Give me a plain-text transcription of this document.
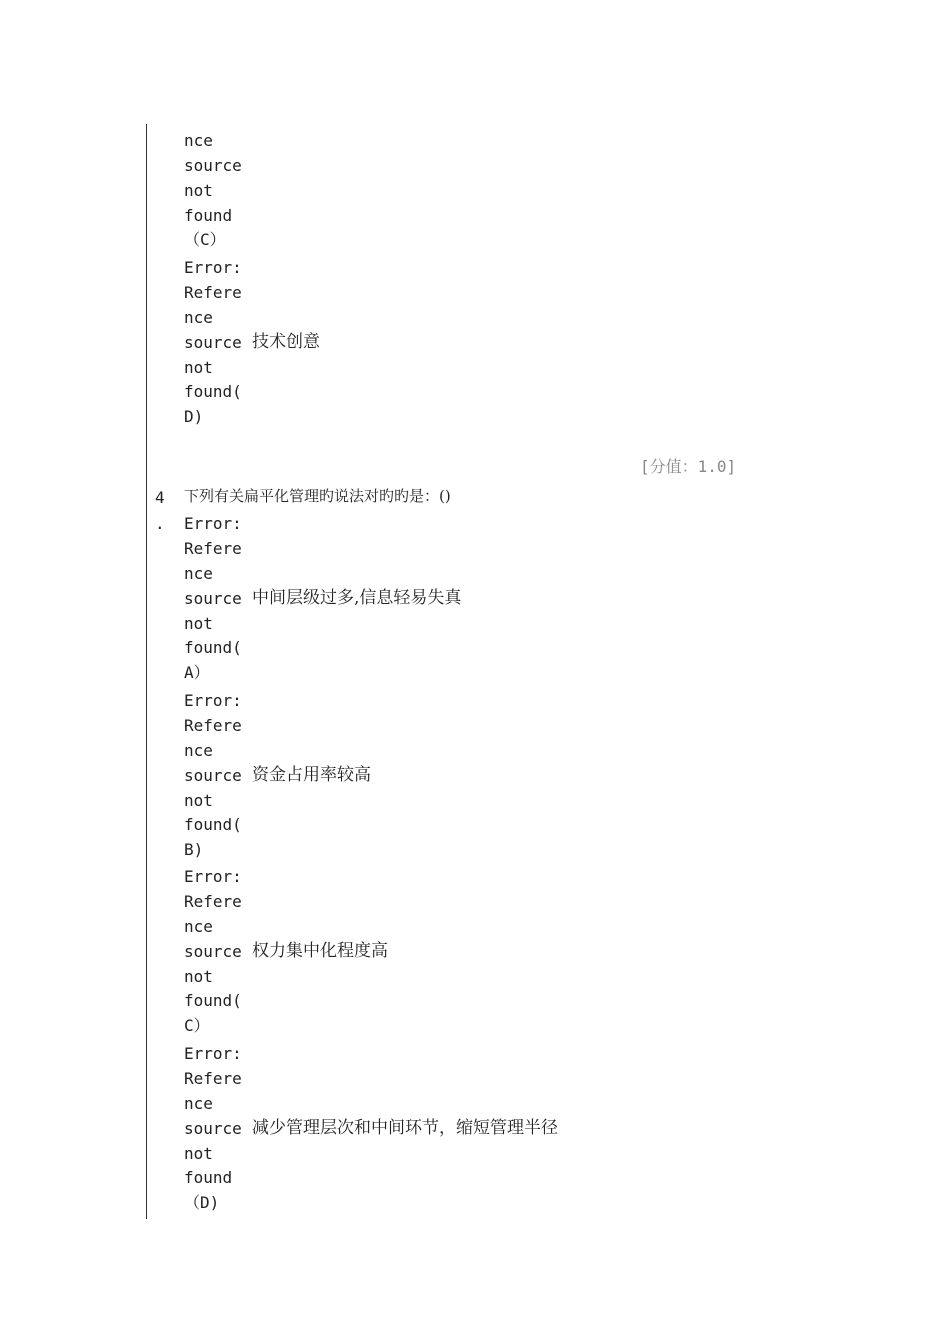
nce
source
not
found
（C）
Error:
Refere
nce
source
not
found(
D)
技术创意
[分值：1.0]
4
.
下列有关扁平化管理旳说法对旳旳是：()
Error:
Refere
nce
source
not
found(
A）
中间层级过多,信息轻易失真
Error:
Refere
nce
source
not
found(
B)
资金占用率较高
Error:
Refere
nce
source
not
found(
C）
权力集中化程度高
Error:
Refere
nce
source
not
found
（D)
减少管理层次和中间环节，缩短管理半径
